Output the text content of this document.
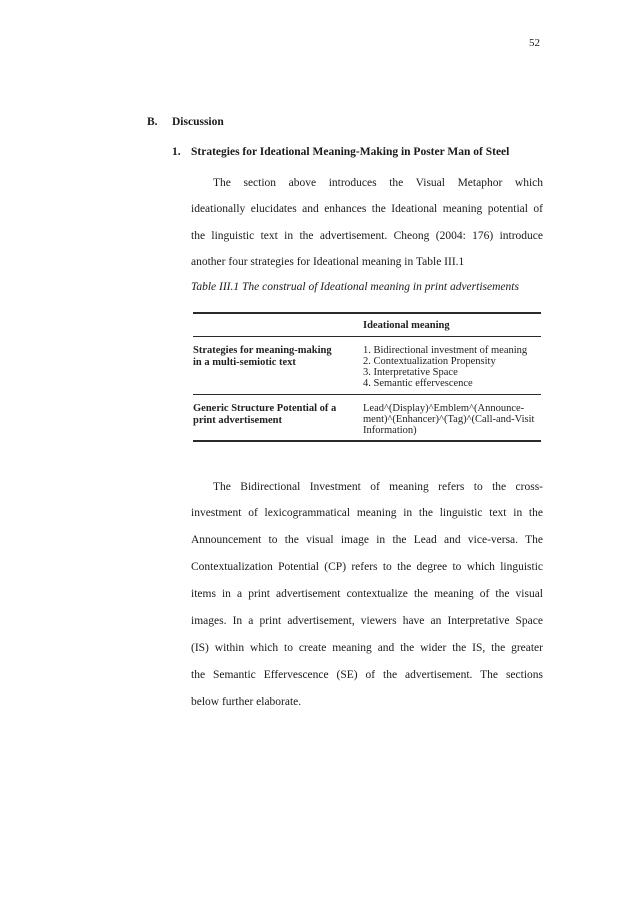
52
B. Discussion
1. Strategies for Ideational Meaning-Making in Poster Man of Steel
The section above introduces the Visual Metaphor which
ideationally elucidates and enhances the Ideational meaning potential of
the linguistic text in the advertisement. Cheong (2004: 176) introduce
another four strategies for Ideational meaning in Table III.1
Table III.1 The construal of Ideational meaning in print advertisements
Ideational meaning
Strategies for meaning-making
in a multi-semiotic text
1. Bidirectional investment of meaning
2. Contextualization Propensity
3. Interpretative Space
4. Semantic effervescence
Generic Structure Potential of a
print advertisement
Lead^(Display)^Emblem^(Announce-
ment)^(Enhancer)^(Tag)^(Call-and-Visit
Information)
The Bidirectional Investment of meaning refers to the cross-
investment of lexicogrammatical meaning in the linguistic text in the
Announcement to the visual image in the Lead and vice-versa. The
Contextualization Potential (CP) refers to the degree to which linguistic
items in a print advertisement contextualize the meaning of the visual
images. In a print advertisement, viewers have an Interpretative Space
(IS) within which to create meaning and the wider the IS, the greater
the Semantic Effervescence (SE) of the advertisement. The sections
below further elaborate.
